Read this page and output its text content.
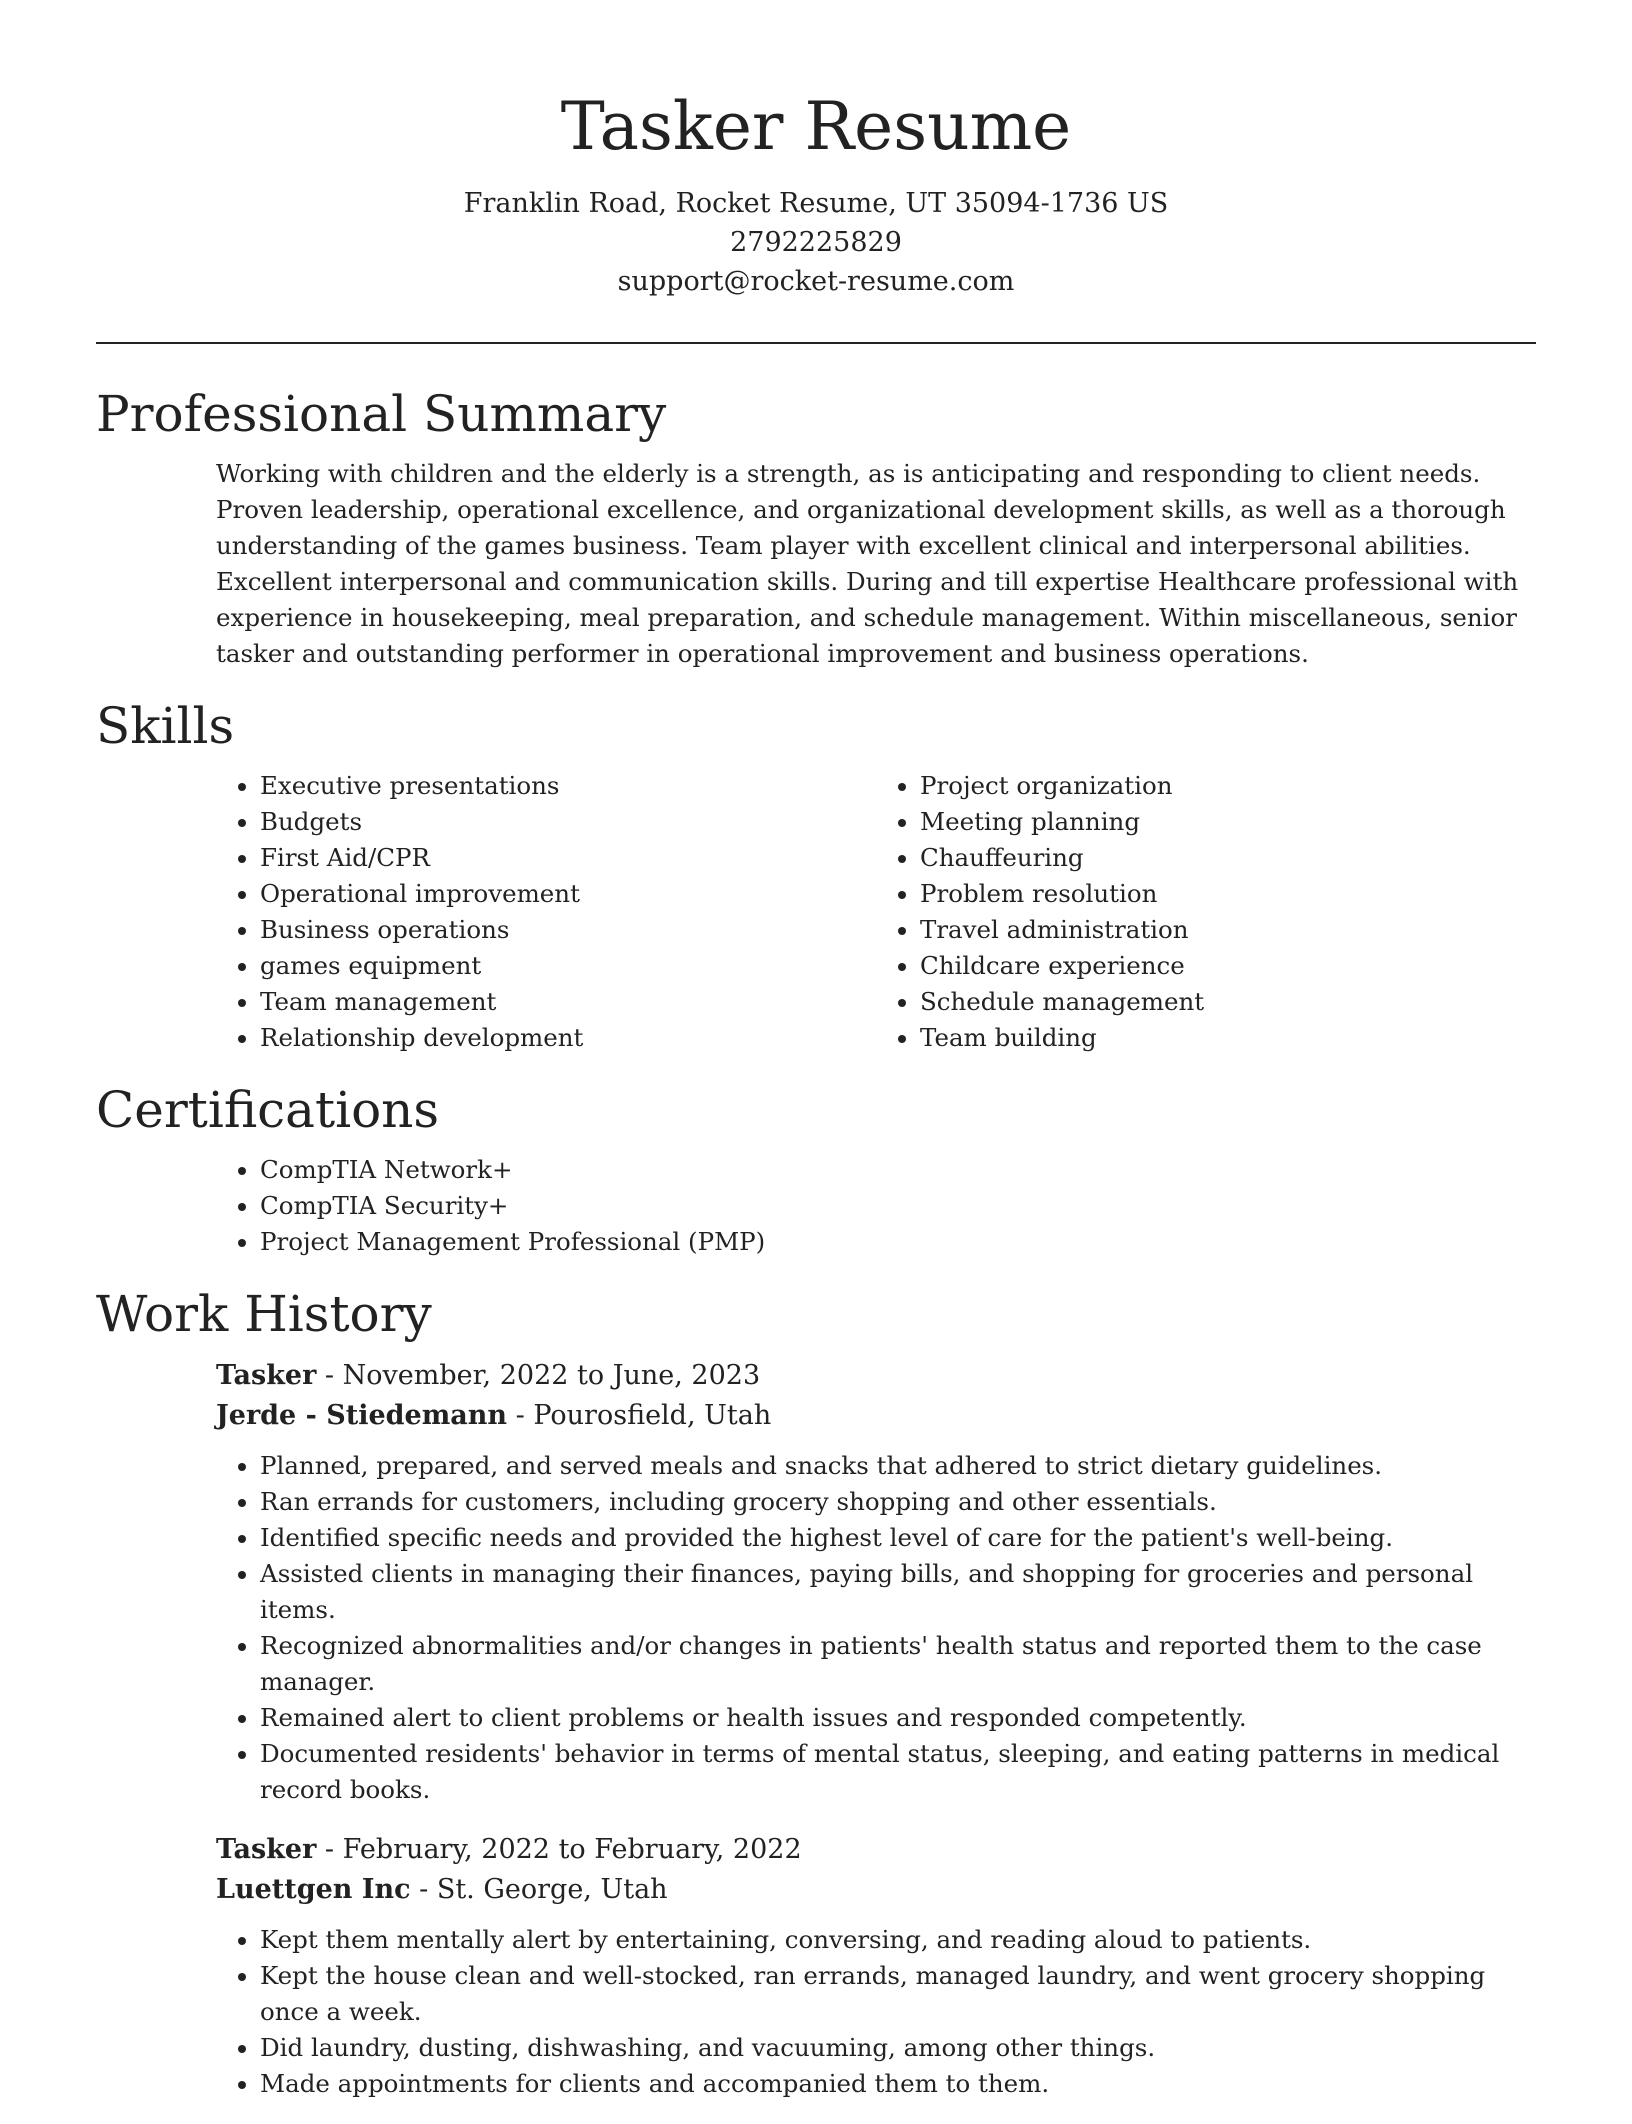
Tasker Resume
Franklin Road, Rocket Resume, UT 35094-1736 US
2792225829
support@rocket-resume.com
Professional Summary

Working with children and the elderly is a strength, as is anticipating and responding to client needs. Proven leadership, operational excellence, and organizational development skills, as well as a thorough understanding of the games business. Team player with excellent clinical and interpersonal abilities. Excellent interpersonal and communication skills. During and till expertise Healthcare professional with experience in housekeeping, meal preparation, and schedule management. Within miscellaneous, senior tasker and outstanding performer in operational improvement and business operations.

Skills
• Executive presentations
• Budgets
• First Aid/CPR
• Operational improvement
• Business operations
• games equipment
• Team management
• Relationship development
• Project organization
• Meeting planning
• Chauffeuring
• Problem resolution
• Travel administration
• Childcare experience
• Schedule management
• Team building
Certifications
• CompTIA Network+
• CompTIA Security+
• Project Management Professional (PMP)
Work History
Tasker - November, 2022 to June, 2023
Jerde - Stiedemann - Pourosfield, Utah
• Planned, prepared, and served meals and snacks that adhered to strict dietary guidelines.
• Ran errands for customers, including grocery shopping and other essentials.
• Identified specific needs and provided the highest level of care for the patient's well-being.
• Assisted clients in managing their finances, paying bills, and shopping for groceries and personal items.
• Recognized abnormalities and/or changes in patients' health status and reported them to the case manager.
• Remained alert to client problems or health issues and responded competently.
• Documented residents' behavior in terms of mental status, sleeping, and eating patterns in medical record books.
Tasker - February, 2022 to February, 2022
Luettgen Inc - St. George, Utah
• Kept them mentally alert by entertaining, conversing, and reading aloud to patients.
• Kept the house clean and well-stocked, ran errands, managed laundry, and went grocery shopping once a week.
• Did laundry, dusting, dishwashing, and vacuuming, among other things.
• Made appointments for clients and accompanied them to them.
